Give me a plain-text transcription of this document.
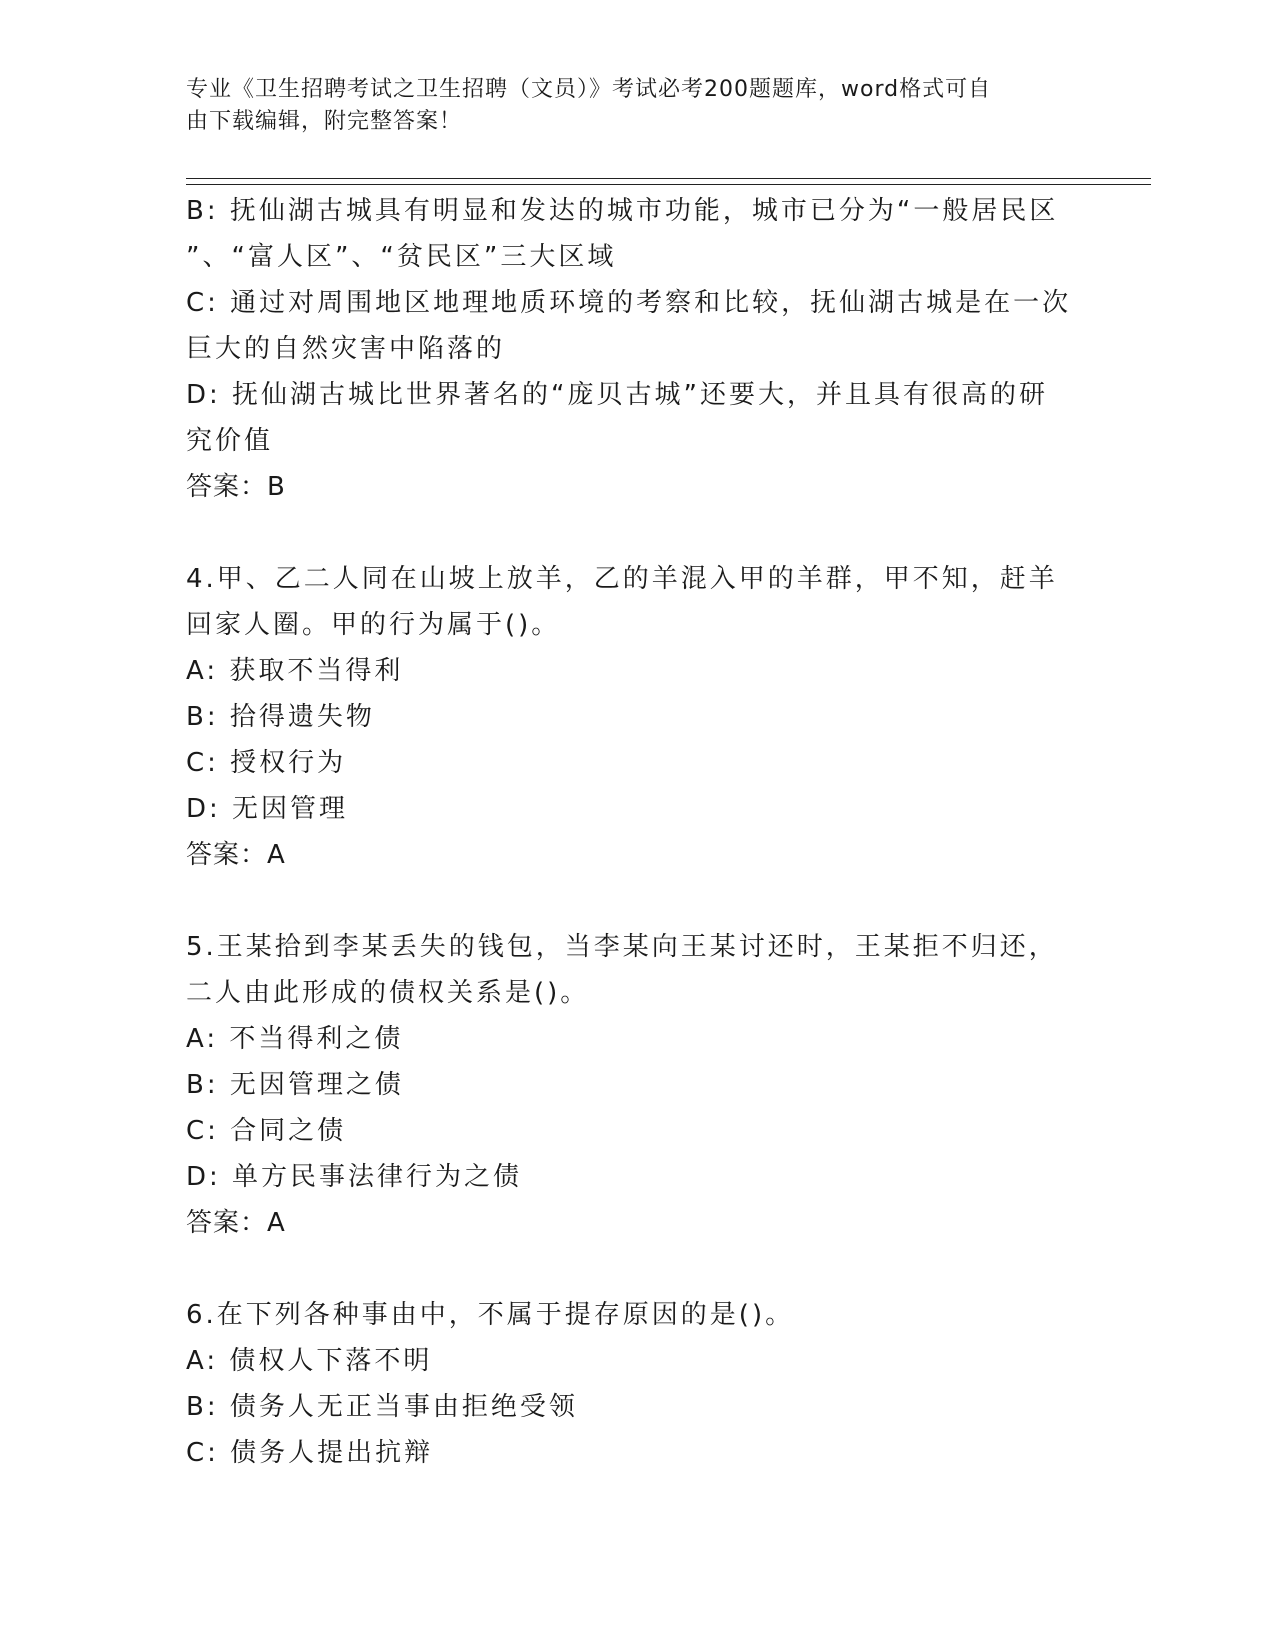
专业《卫生招聘考试之卫生招聘（文员）》考试必考200题题库，word格式可自
由下载编辑，附完整答案！
B: 抚仙湖古城具有明显和发达的城市功能，城市已分为“一般居民区
”、“富人区”、“贫民区”三大区域
C: 通过对周围地区地理地质环境的考察和比较，抚仙湖古城是在一次
巨大的自然灾害中陷落的
D: 抚仙湖古城比世界著名的“庞贝古城”还要大，并且具有很高的研
究价值
答案：B
4.甲、乙二人同在山坡上放羊，乙的羊混入甲的羊群，甲不知，赶羊
回家人圈。甲的行为属于()。
A: 获取不当得利
B: 拾得遗失物
C: 授权行为
D: 无因管理
答案：A
5.王某拾到李某丢失的钱包，当李某向王某讨还时，王某拒不归还，
二人由此形成的债权关系是()。
A: 不当得利之债
B: 无因管理之债
C: 合同之债
D: 单方民事法律行为之债
答案：A
6.在下列各种事由中，不属于提存原因的是()。
A: 债权人下落不明
B: 债务人无正当事由拒绝受领
C: 债务人提出抗辩
